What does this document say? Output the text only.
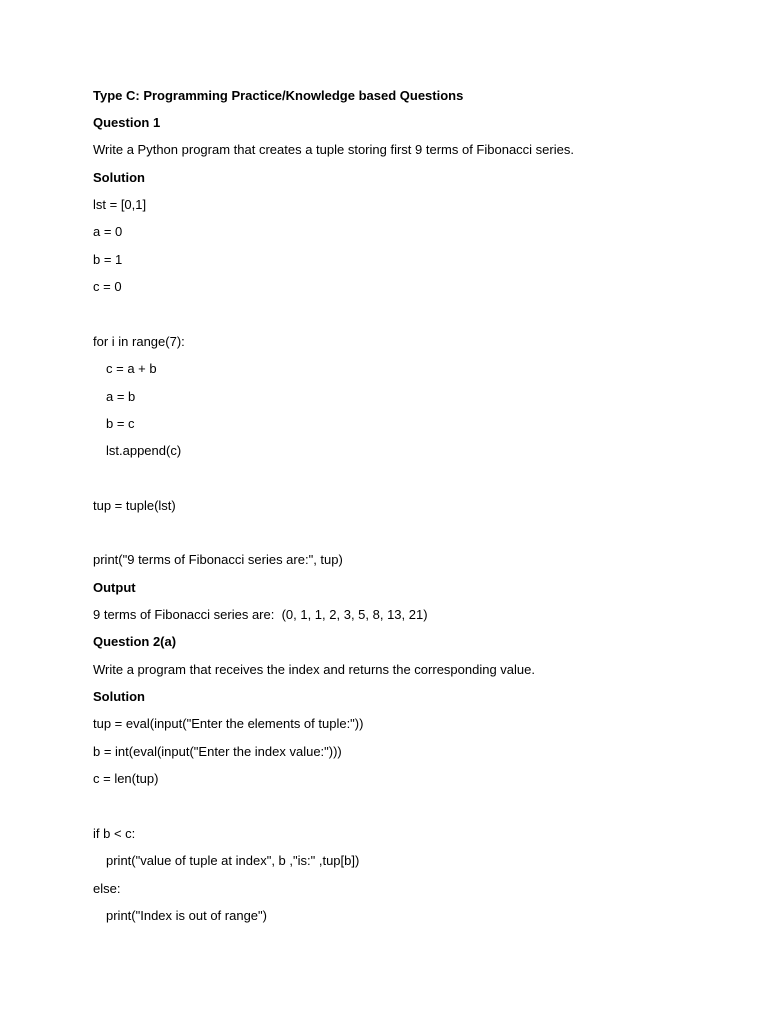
Type C: Programming Practice/Knowledge based Questions

Question 1

Write a Python program that creates a tuple storing first 9 terms of Fibonacci series.

Solution

lst = [0,1]

a = 0

b = 1

c = 0

for i in range(7):

c = a + b

a = b

b = c

lst.append(c)

tup = tuple(lst)

print("9 terms of Fibonacci series are:", tup)

Output

9 terms of Fibonacci series are:  (0, 1, 1, 2, 3, 5, 8, 13, 21)

Question 2(a)

Write a program that receives the index and returns the corresponding value.

Solution

tup = eval(input("Enter the elements of tuple:"))

b = int(eval(input("Enter the index value:")))

c = len(tup)

if b < c:

print("value of tuple at index", b ,"is:" ,tup[b])

else:

print("Index is out of range")
